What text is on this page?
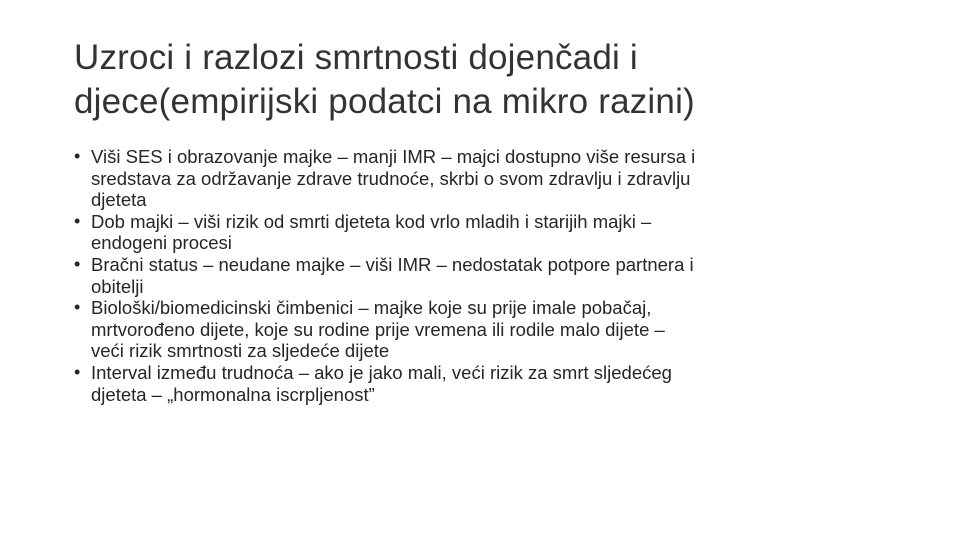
Uzroci i razlozi smrtnosti dojenčadi i
djece(empirijski podatci na mikro razini)
• Viši SES i obrazovanje majke – manji IMR – majci dostupno više resursa i
sredstava za održavanje zdrave trudnoće, skrbi o svom zdravlju i zdravlju
djeteta
• Dob majki – viši rizik od smrti djeteta kod vrlo mladih i starijih majki –
endogeni procesi
• Bračni status – neudane majke – viši IMR – nedostatak potpore partnera i
obitelji
• Biološki/biomedicinski čimbenici – majke koje su prije imale pobačaj,
mrtvorođeno dijete, koje su rodine prije vremena ili rodile malo dijete –
veći rizik smrtnosti za sljedeće dijete
• Interval između trudnoća – ako je jako mali, veći rizik za smrt sljedećeg
djeteta – „hormonalna iscrpljenost”
